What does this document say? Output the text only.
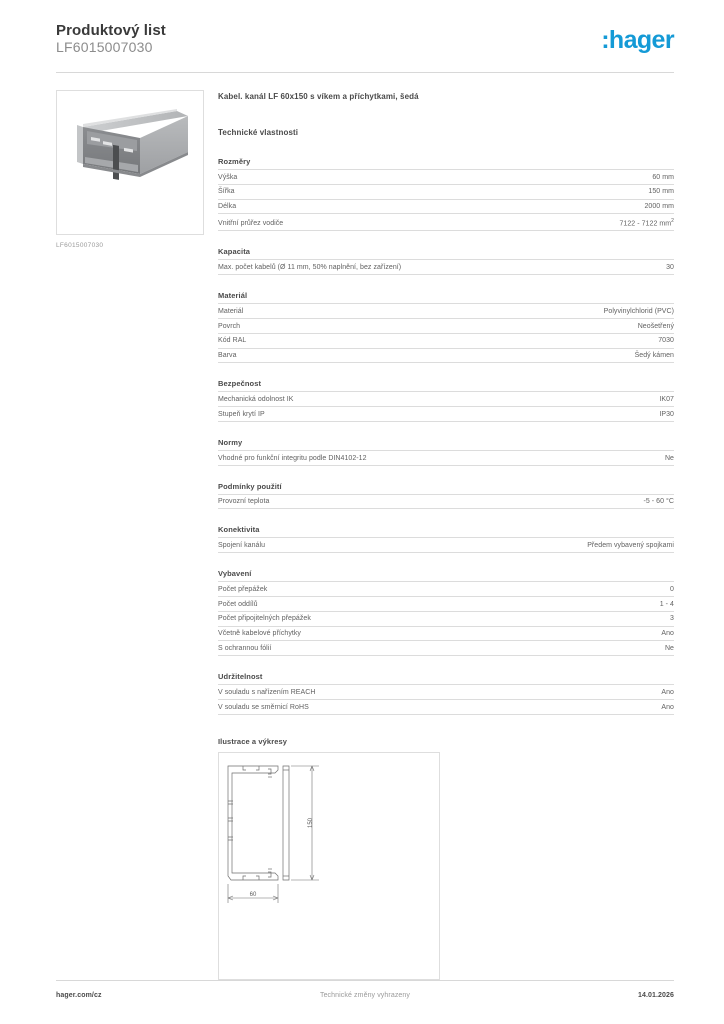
Produktový list
LF6015007030	:hager
LF6015007030
Kabel. kanál LF 60x150 s víkem a příchytkami, šedá
Technické vlastnosti
Rozměry
Výška	60 mm
Šířka	150 mm
Délka	2000 mm
Vnitřní průřez vodiče	7122 - 7122 $mm^2$
Kapacita
Max. počet kabelů (Ø 11 mm, 50% naplnění, bez zařízení)	30
Materiál
Materiál	Polyvinylchlorid (PVC)
Povrch	Neošetřený
Kód RAL	7030
Barva	Šedý kámen
Bezpečnost
Mechanická odolnost IK	IK07
Stupeň krytí IP	IP30
Normy
Vhodné pro funkční integritu podle DIN4102-12	Ne
Podmínky použití
Provozní teplota	-5 - 60 °C
Konektivita
Spojení kanálu	Předem vybavený spojkami
Vybavení
Počet přepážek	0
Počet oddílů	1 - 4
Počet připojitelných přepážek	3
Včetně kabelové příchytky	Ano
S ochrannou fólií	Ne
Udržitelnost
V souladu s nařízením REACH	Ano
V souladu se směrnicí RoHS	Ano
Ilustrace a výkresy
60
150
hager.com/cz	Technické změny vyhrazeny	14.01.2026
